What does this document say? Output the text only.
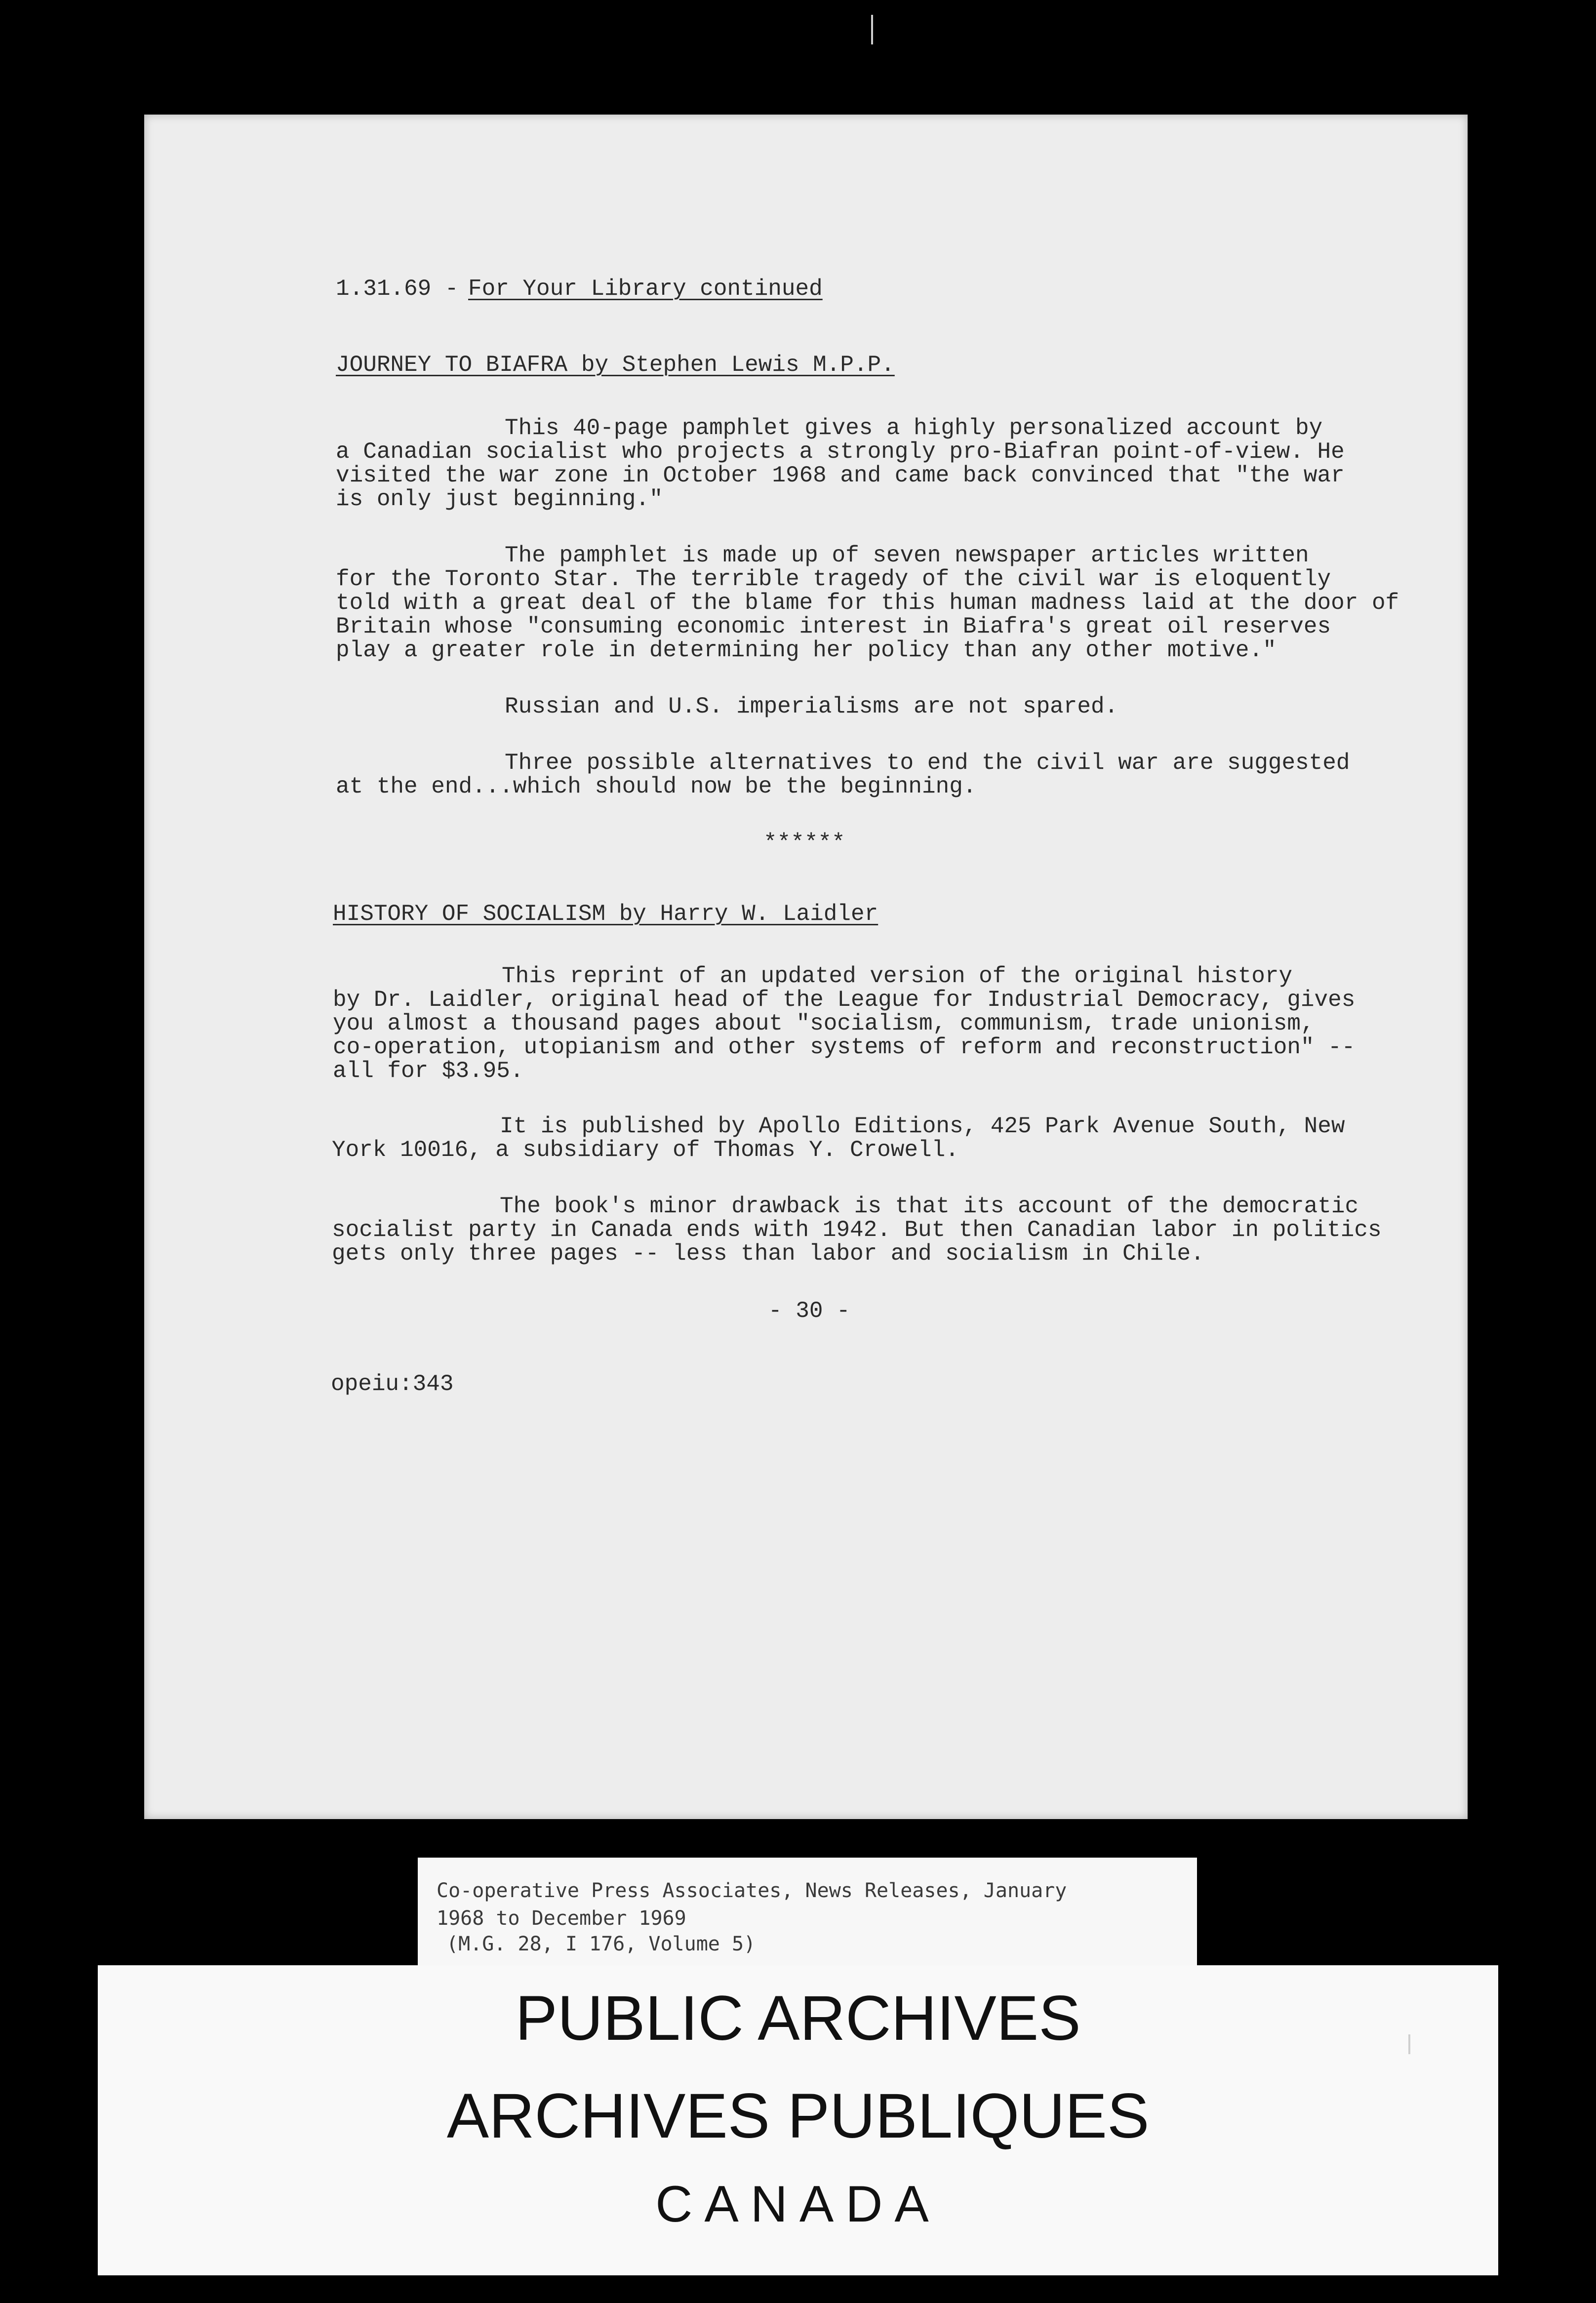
1.31.69 - For Your Library continued
JOURNEY TO BIAFRA by Stephen Lewis M.P.P.
This 40-page pamphlet gives a highly personalized account by
a Canadian socialist who projects a strongly pro-Biafran point-of-view. He
visited the war zone in October 1968 and came back convinced that "the war
is only just beginning."
The pamphlet is made up of seven newspaper articles written
for the Toronto Star. The terrible tragedy of the civil war is eloquently
told with a great deal of the blame for this human madness laid at the door of
Britain whose "consuming economic interest in Biafra's great oil reserves
play a greater role in determining her policy than any other motive."
Russian and U.S. imperialisms are not spared.
Three possible alternatives to end the civil war are suggested
at the end...which should now be the beginning.
******
HISTORY OF SOCIALISM by Harry W. Laidler
This reprint of an updated version of the original history
by Dr. Laidler, original head of the League for Industrial Democracy, gives
you almost a thousand pages about "socialism, communism, trade unionism,
co-operation, utopianism and other systems of reform and reconstruction" --
all for $3.95.
It is published by Apollo Editions, 425 Park Avenue South, New
York 10016, a subsidiary of Thomas Y. Crowell.
The book's minor drawback is that its account of the democratic
socialist party in Canada ends with 1942. But then Canadian labor in politics
gets only three pages -- less than labor and socialism in Chile.
- 30 -
opeiu:343
Co-operative Press Associates, News Releases, January
1968 to December 1969
(M.G. 28, I 176, Volume 5)
PUBLIC ARCHIVES
ARCHIVES PUBLIQUES
CANADA
